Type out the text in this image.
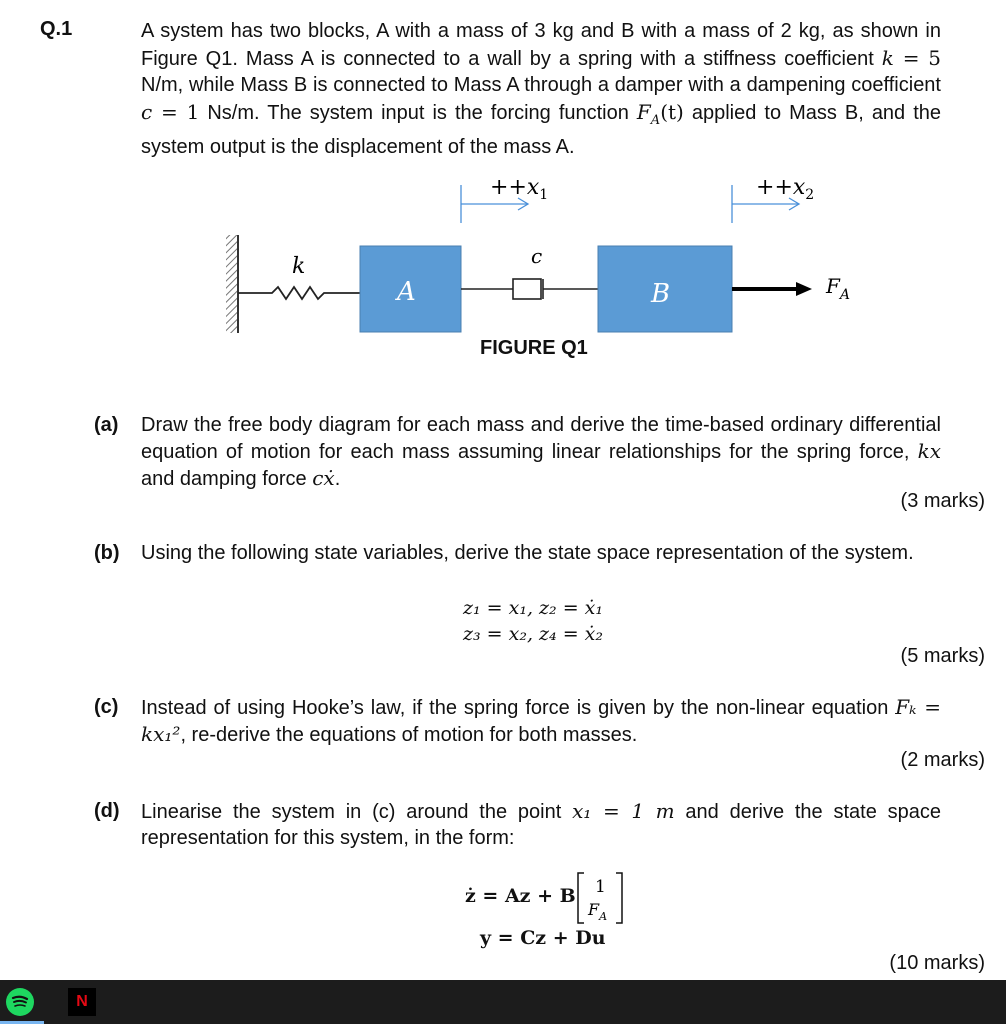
Q.1	A system has two blocks, A with a mass of 3 kg and B with a mass of 2 kg, as shown in Figure Q1. Mass A is connected to a wall by a spring with a stiffness coefficient k = 5 N/m, while Mass B is connected to Mass A through a damper with a dampening coefficient c = 1 Ns/m. The system input is the forcing function $F_A(t)$ applied to Mass B, and the system output is the displacement of the mass A.
k
A
c
B	$F_A$
$++x_1$	$++x_2$
FIGURE Q1
(a) Draw the free body diagram for each mass and derive the time-based ordinary differential equation of motion for each mass assuming linear relationships for the spring force, kx and damping force cẋ.
(3 marks)
(b) Using the following state variables, derive the state space representation of the system.
z₁ = x₁, z₂ = ẋ₁
z₃ = x₂, z₄ = ẋ₂
(5 marks)
(c) Instead of using Hooke’s law, if the spring force is given by the non-linear equation Fₖ = kx₁², re-derive the equations of motion for both masses.
(2 marks)
(d) Linearise the system in (c) around the point x₁ = 1 m and derive the state space representation for this system, in the form:
ż = Az + B 1
$F_A$
y = Cz + Du
(10 marks)
N
